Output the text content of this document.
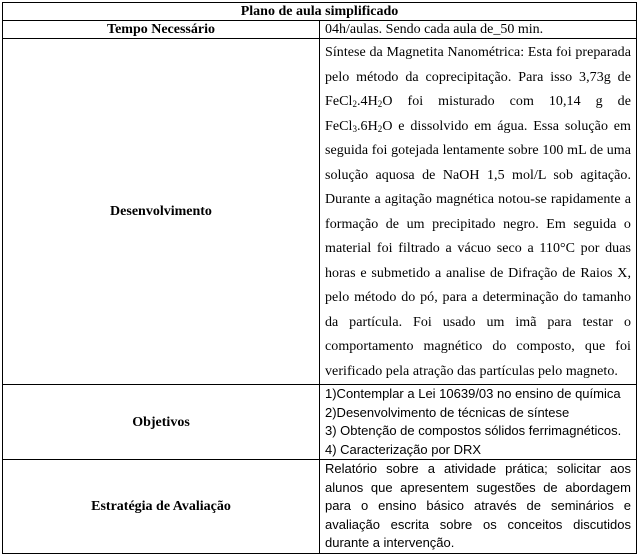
Plano de aula simplificado	
Tempo Necessário	04h/aulas. Sendo cada aula de_50 min.
Desenvolvimento	Síntese da Magnetita Nanométrica: Esta foi preparada pelo método da coprecipitação. Para isso 3,73g de $FeCl_2.4H_2O$ foi misturado com 10,14 g de $FeCl_3.6H_2O$ e dissolvido em água. Essa solução em seguida foi gotejada lentamente sobre 100 mL de uma solução aquosa de NaOH 1,5 mol/L sob agitação. Durante a agitação magnética notou-se rapidamente a formação de um precipitado negro. Em seguida o material foi filtrado a vácuo seco a 110°C por duas horas e submetido a analise de Difração de Raios X, pelo método do pó, para a determinação do tamanho da partícula. Foi usado um imã para testar o comportamento magnético do composto, que foi verificado pela atração das partículas pelo magneto.
Objetivos	1)Contemplar a Lei 10639/03 no ensino de química
2)Desenvolvimento de técnicas de síntese
3) Obtenção de compostos sólidos ferrimagnéticos.
4) Caracterização por DRX

Estratégia de Avaliação	Relatório sobre a atividade prática; solicitar aos alunos que apresentem sugestões de abordagem para o ensino básico através de seminários e avaliação escrita sobre os conceitos discutidos durante a intervenção.
